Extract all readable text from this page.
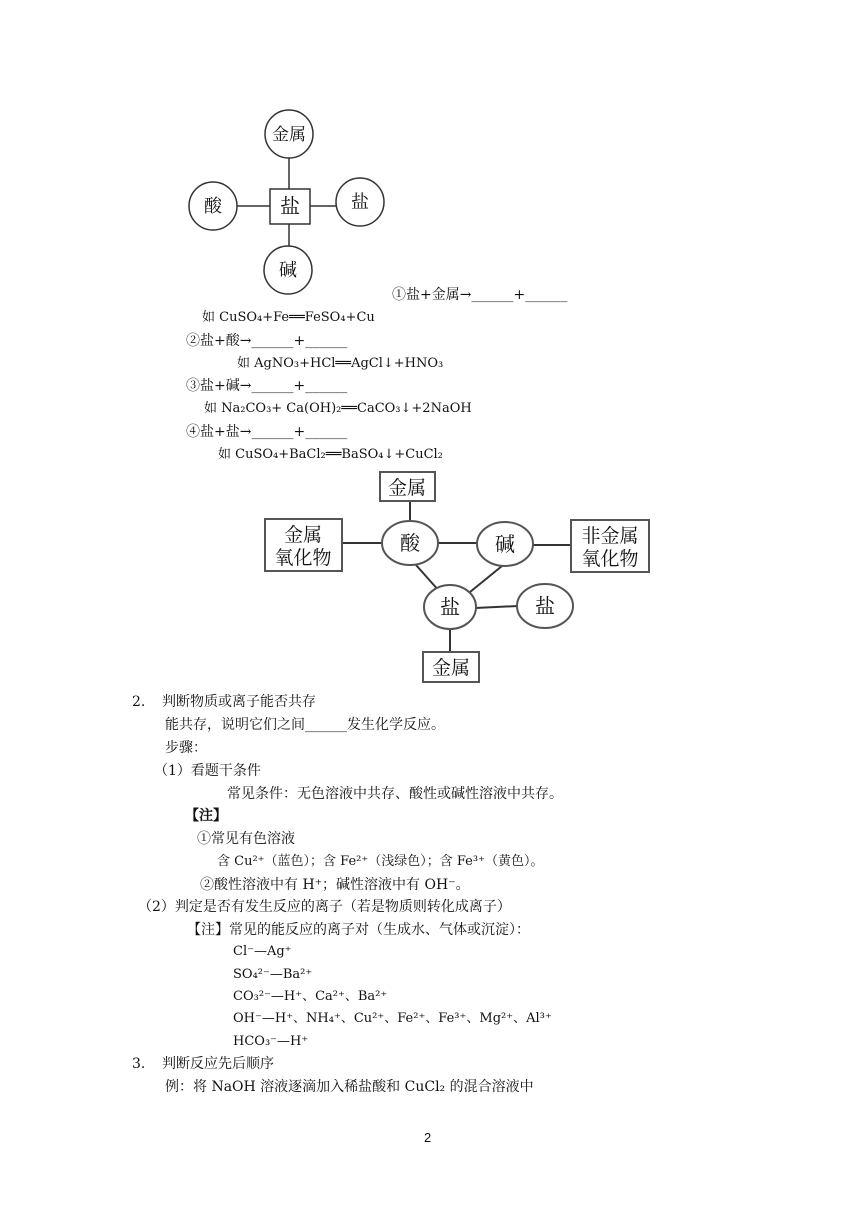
金属
酸	盐	盐
碱
①盐+金属→______+______
如 CuSO₄+Fe══FeSO₄+Cu
②盐+酸→______+______
如 AgNO₃+HCl══AgCl↓+HNO₃
③盐+碱→______+______
如 Na₂CO₃+ Ca(OH)₂══CaCO₃↓+2NaOH
④盐+盐→______+______
如 CuSO₄+BaCl₂══BaSO₄↓+CuCl₂
金属
金属
氧化物
酸	碱	非金属
氧化物
盐	盐
金属
2. 判断物质或离子能否共存
能共存，说明它们之间______发生化学反应。
步骤：
（1）看题干条件
常见条件：无色溶液中共存、酸性或碱性溶液中共存。
【注】
①常见有色溶液
含 Cu²⁺（蓝色）；含 Fe²⁺（浅绿色）；含 Fe³⁺（黄色）。
②酸性溶液中有 H⁺；碱性溶液中有 OH⁻。
（2）判定是否有发生反应的离子（若是物质则转化成离子）
【注】常见的能反应的离子对（生成水、气体或沉淀）：
Cl⁻—Ag⁺
SO₄²⁻—Ba²⁺
CO₃²⁻—H⁺、Ca²⁺、Ba²⁺
OH⁻—H⁺、NH₄⁺、Cu²⁺、Fe²⁺、Fe³⁺、Mg²⁺、Al³⁺
HCO₃⁻—H⁺
3. 判断反应先后顺序
例：将 NaOH 溶液逐滴加入稀盐酸和 CuCl₂ 的混合溶液中
2
